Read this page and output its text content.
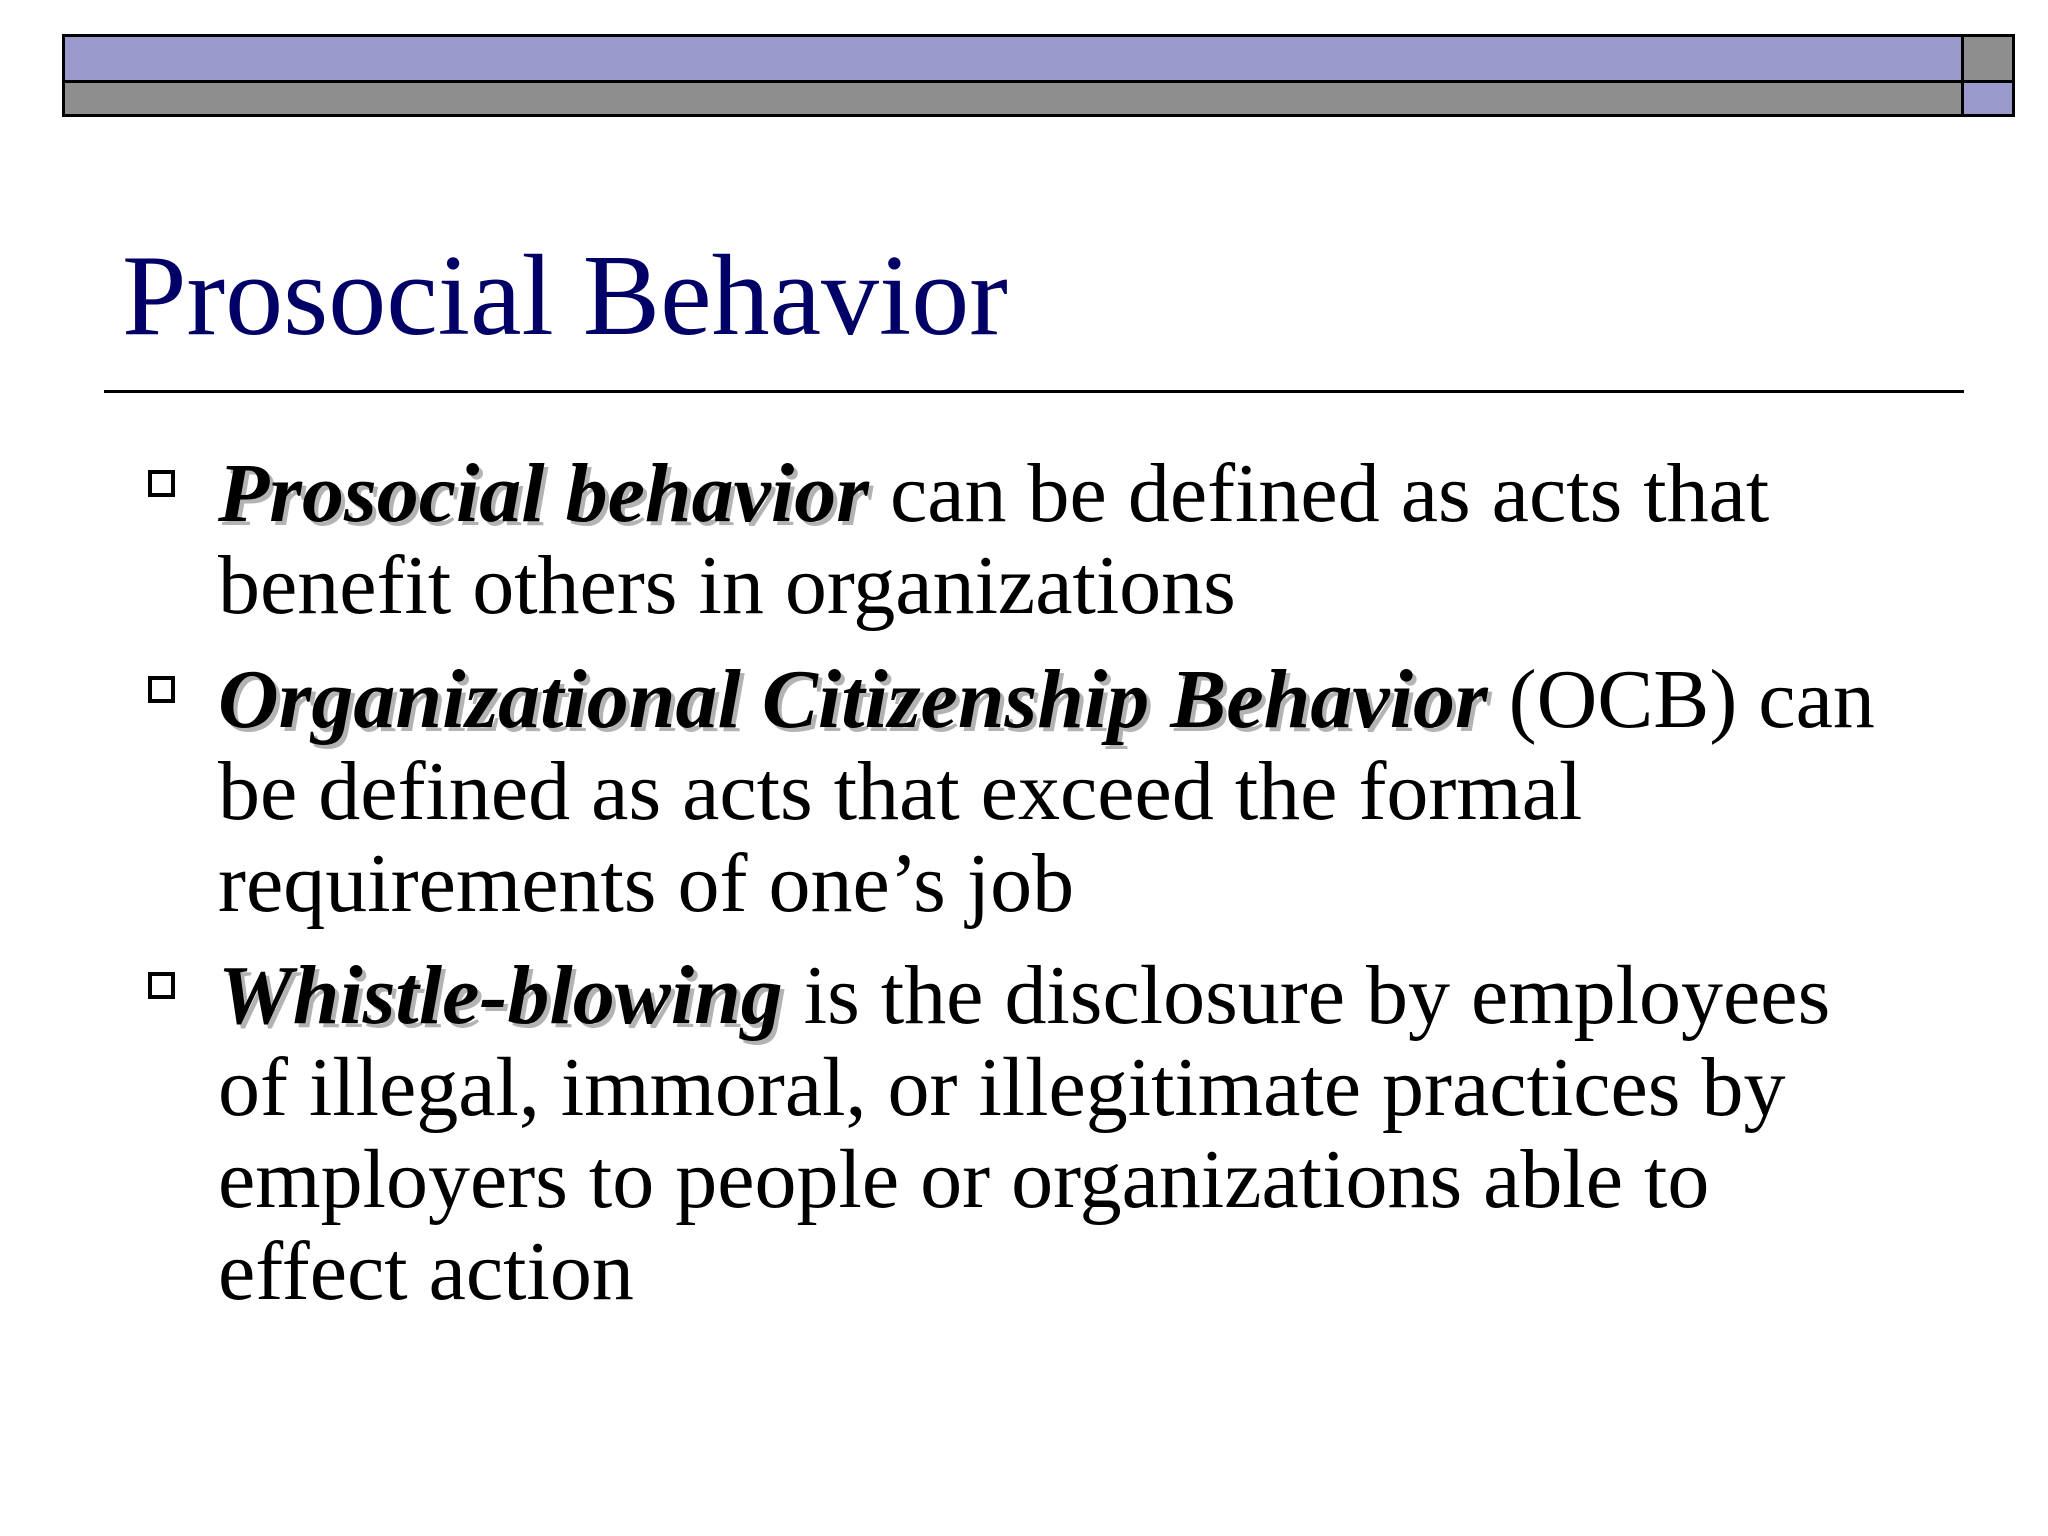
Prosocial Behavior

Prosocial behavior can be defined as acts that benefit others in organizations

Organizational Citizenship Behavior (OCB) can be defined as acts that exceed the formal requirements of one’s job

Whistle-blowing is the disclosure by employees of illegal, immoral, or illegitimate practices by employers to people or organizations able to effect action
